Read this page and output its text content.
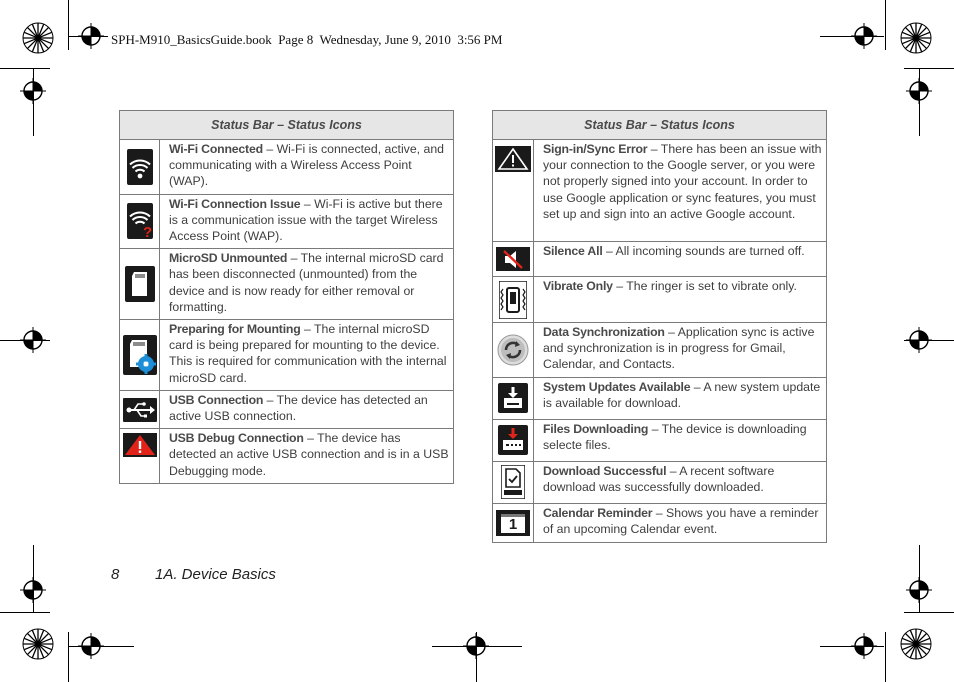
SPH-M910_BasicsGuide.book  Page 8  Wednesday, June 9, 2010  3:56 PM
Status Bar – Status Icons	

	Wi-Fi Connected – Wi-Fi is connected, active, and communicating with a Wireless Access Point (WAP).

?	Wi-Fi Connection Issue – Wi-Fi is active but there is a communication issue with the target Wireless Access Point (WAP).

	MicroSD Unmounted – The internal microSD card has been disconnected (unmounted) from the device and is now ready for either removal or formatting.

	Preparing for Mounting – The internal microSD card is being prepared for mounting to the device. This is required for communication with the internal microSD card.

	USB Connection – The device has detected an active USB connection.

	USB Debug Connection – The device has detected an active USB connection and is in a USB Debugging mode.
Status Bar – Status Icons	

	Sign-in/Sync Error – There has been an issue with your connection to the Google server, or you were not properly signed into your account. In order to use Google application or sync features, you must set up and sign into an active Google account.

	Silence All – All incoming sounds are turned off.

	Vibrate Only – The ringer is set to vibrate only.

	Data Synchronization – Application sync is active and synchronization is in progress for Gmail, Calendar, and Contacts.

	System Updates Available – A new system update is available for download.

	Files Downloading – The device is downloading selecte files.

	Download Successful – A recent software download was successfully downloaded.

1	Calendar Reminder – Shows you have a reminder of an upcoming Calendar event.
8 1A. Device Basics
